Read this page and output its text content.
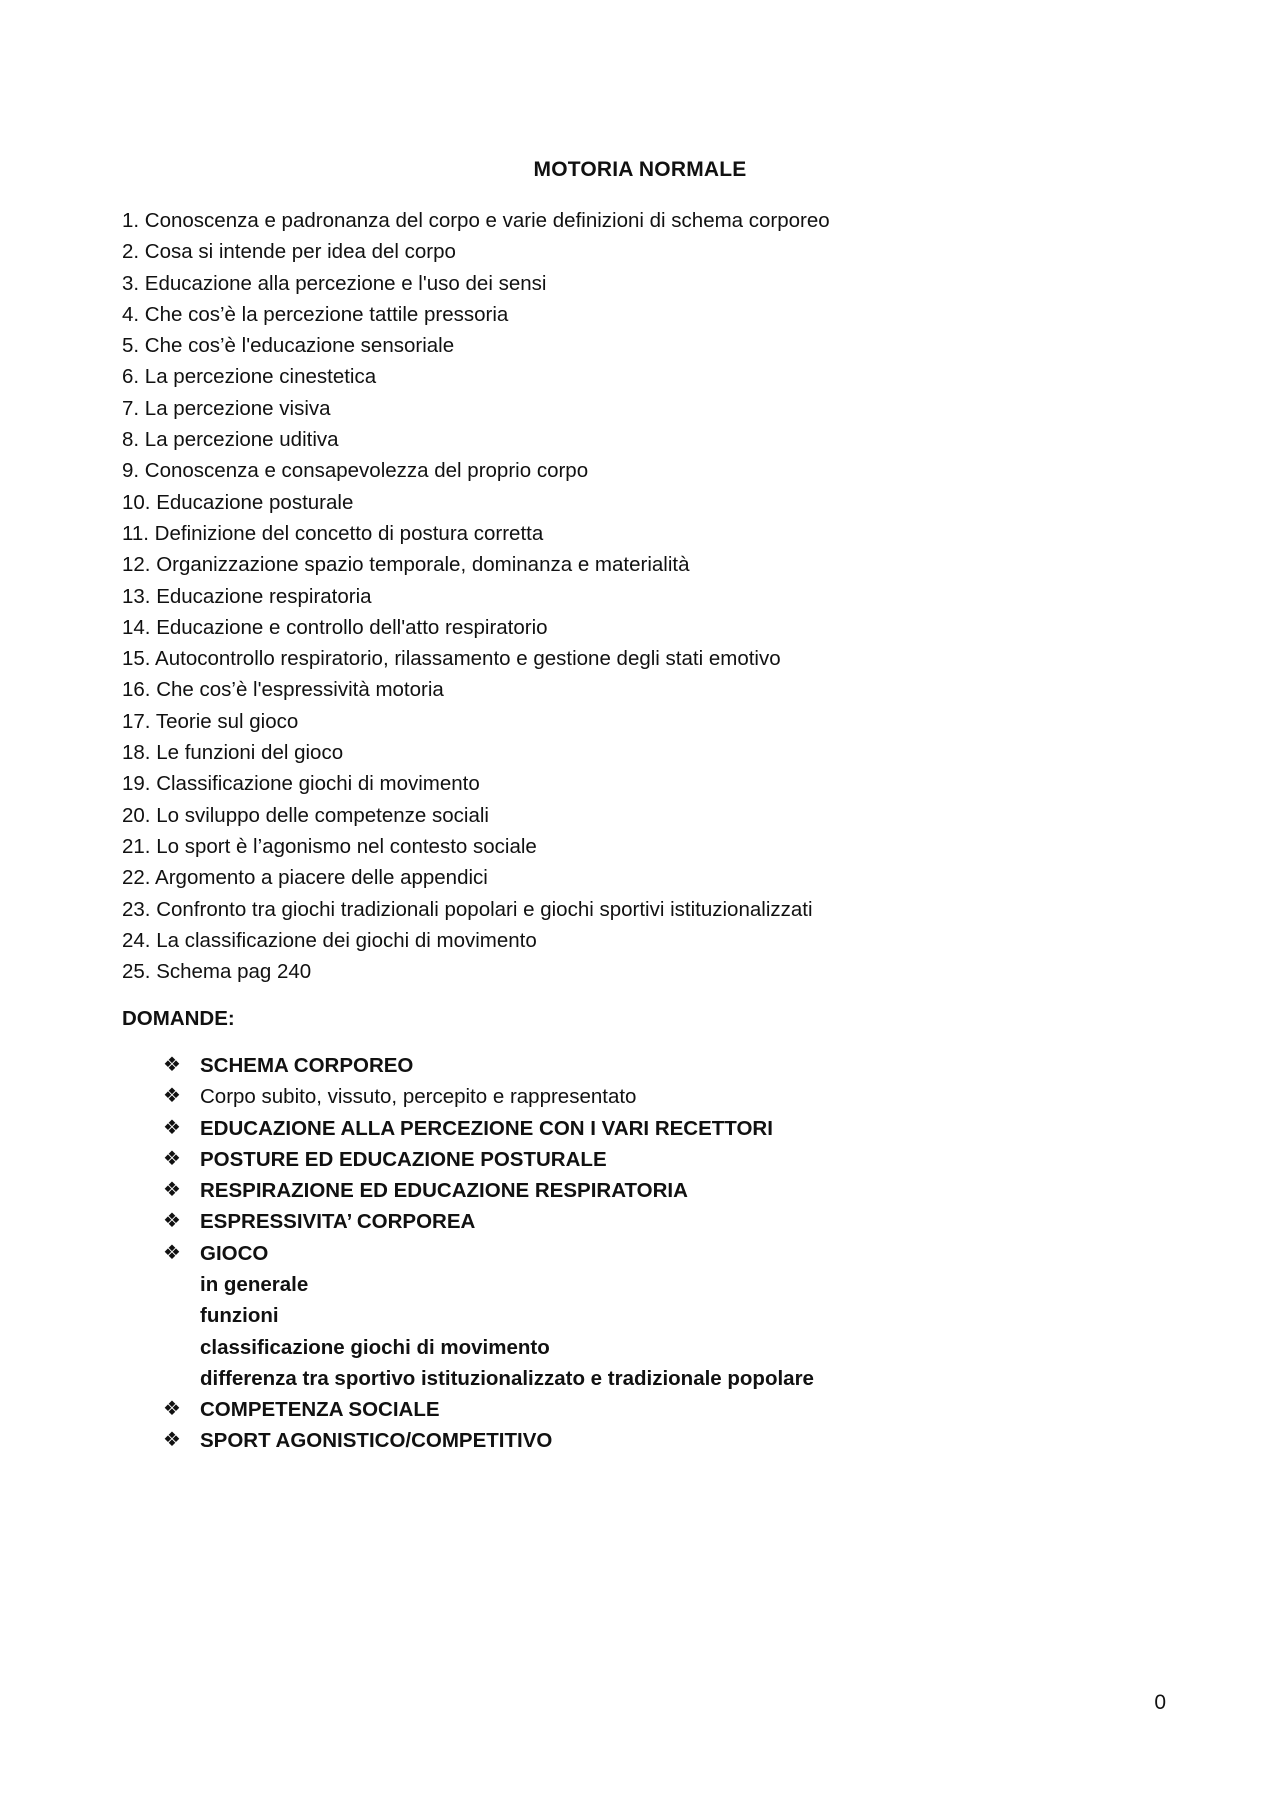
MOTORIA NORMALE
1. Conoscenza e padronanza del corpo e varie definizioni di schema corporeo
2. Cosa si intende per idea del corpo
3. Educazione alla percezione e l'uso dei sensi
4. Che cos’è la percezione tattile pressoria
5. Che cos’è l'educazione sensoriale
6. La percezione cinestetica
7. La percezione visiva
8. La percezione uditiva
9. Conoscenza e consapevolezza del proprio corpo
10. Educazione posturale
11. Definizione del concetto di postura corretta
12. Organizzazione spazio temporale, dominanza e materialità
13. Educazione respiratoria
14. Educazione e controllo dell'atto respiratorio
15. Autocontrollo respiratorio, rilassamento e gestione degli stati emotivo
16. Che cos’è l'espressività motoria
17. Teorie sul gioco
18. Le funzioni del gioco
19. Classificazione giochi di movimento
20. Lo sviluppo delle competenze sociali
21. Lo sport è l’agonismo nel contesto sociale
22. Argomento a piacere delle appendici
23. Confronto tra giochi tradizionali popolari e giochi sportivi istituzionalizzati
24. La classificazione dei giochi di movimento
25. Schema pag 240
DOMANDE:
❖ SCHEMA CORPOREO
❖ Corpo subito, vissuto, percepito e rappresentato
❖ EDUCAZIONE ALLA PERCEZIONE CON I VARI RECETTORI
❖ POSTURE ED EDUCAZIONE POSTURALE
❖ RESPIRAZIONE ED EDUCAZIONE RESPIRATORIA
❖ ESPRESSIVITA’ CORPOREA
❖ GIOCO
in generale
funzioni
classificazione giochi di movimento
differenza tra sportivo istituzionalizzato e tradizionale popolare
❖ COMPETENZA SOCIALE
❖ SPORT AGONISTICO/COMPETITIVO
0
